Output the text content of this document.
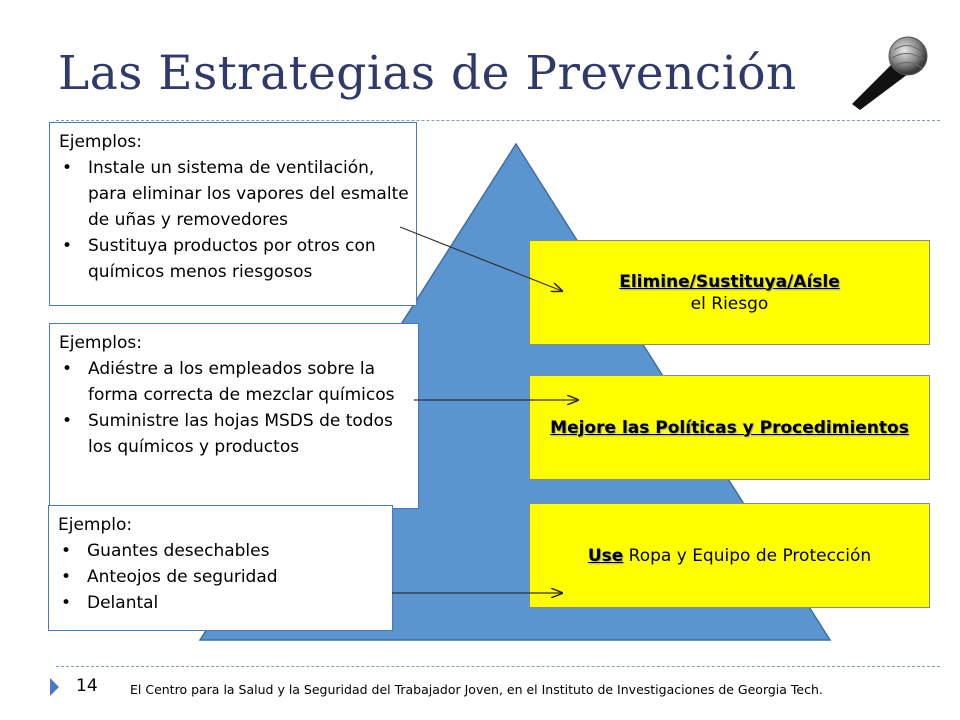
Las Estrategias de Prevención
Ejemplos:
• Instale un sistema de ventilación, para eliminar los vapores del esmalte de uñas y removedores
• Sustituya productos por otros con químicos menos riesgosos
Ejemplos:
• Adiéstre a los empleados sobre la forma correcta de mezclar químicos
• Suministre las hojas MSDS de todos los químicos y productos
Ejemplo:
• Guantes desechables
• Anteojos de seguridad
• Delantal
Elimine/Sustituya/Aísle
el Riesgo
Mejore las Políticas y Procedimientos
Use Ropa y Equipo de Protección
14	El Centro para la Salud y la Seguridad del Trabajador Joven, en el Instituto de Investigaciones de Georgia Tech.
